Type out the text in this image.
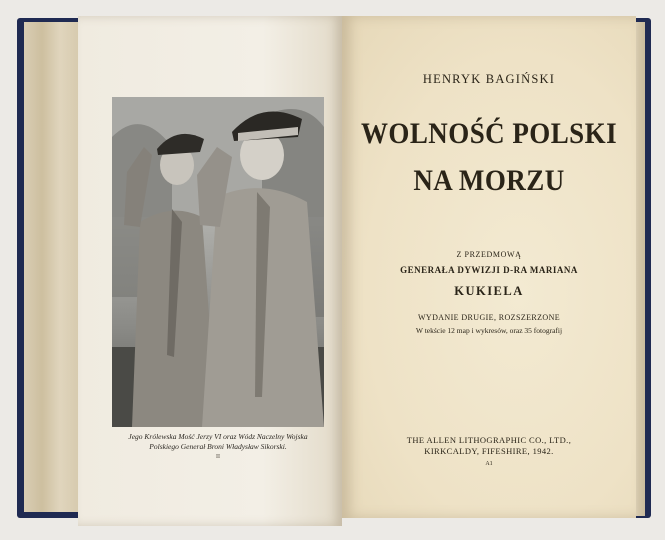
Jego Królewska Mość Jerzy VI oraz Wódz Naczelny Wojska
Polskiego Generał Broni Władysław Sikorski.

II

HENRYK BAGIŃSKI

WOLNOŚĆ POLSKI

NA MORZU

Z PRZEDMOWĄ

GENERAŁA DYWIZJI D-RA MARIANA

KUKIELA

WYDANIE DRUGIE, ROZSZERZONE

W tekście 12 map i wykresów, oraz 35 fotografij

THE ALLEN LITHOGRAPHIC CO., LTD.,

KIRKCALDY, FIFESHIRE, 1942.

A1
